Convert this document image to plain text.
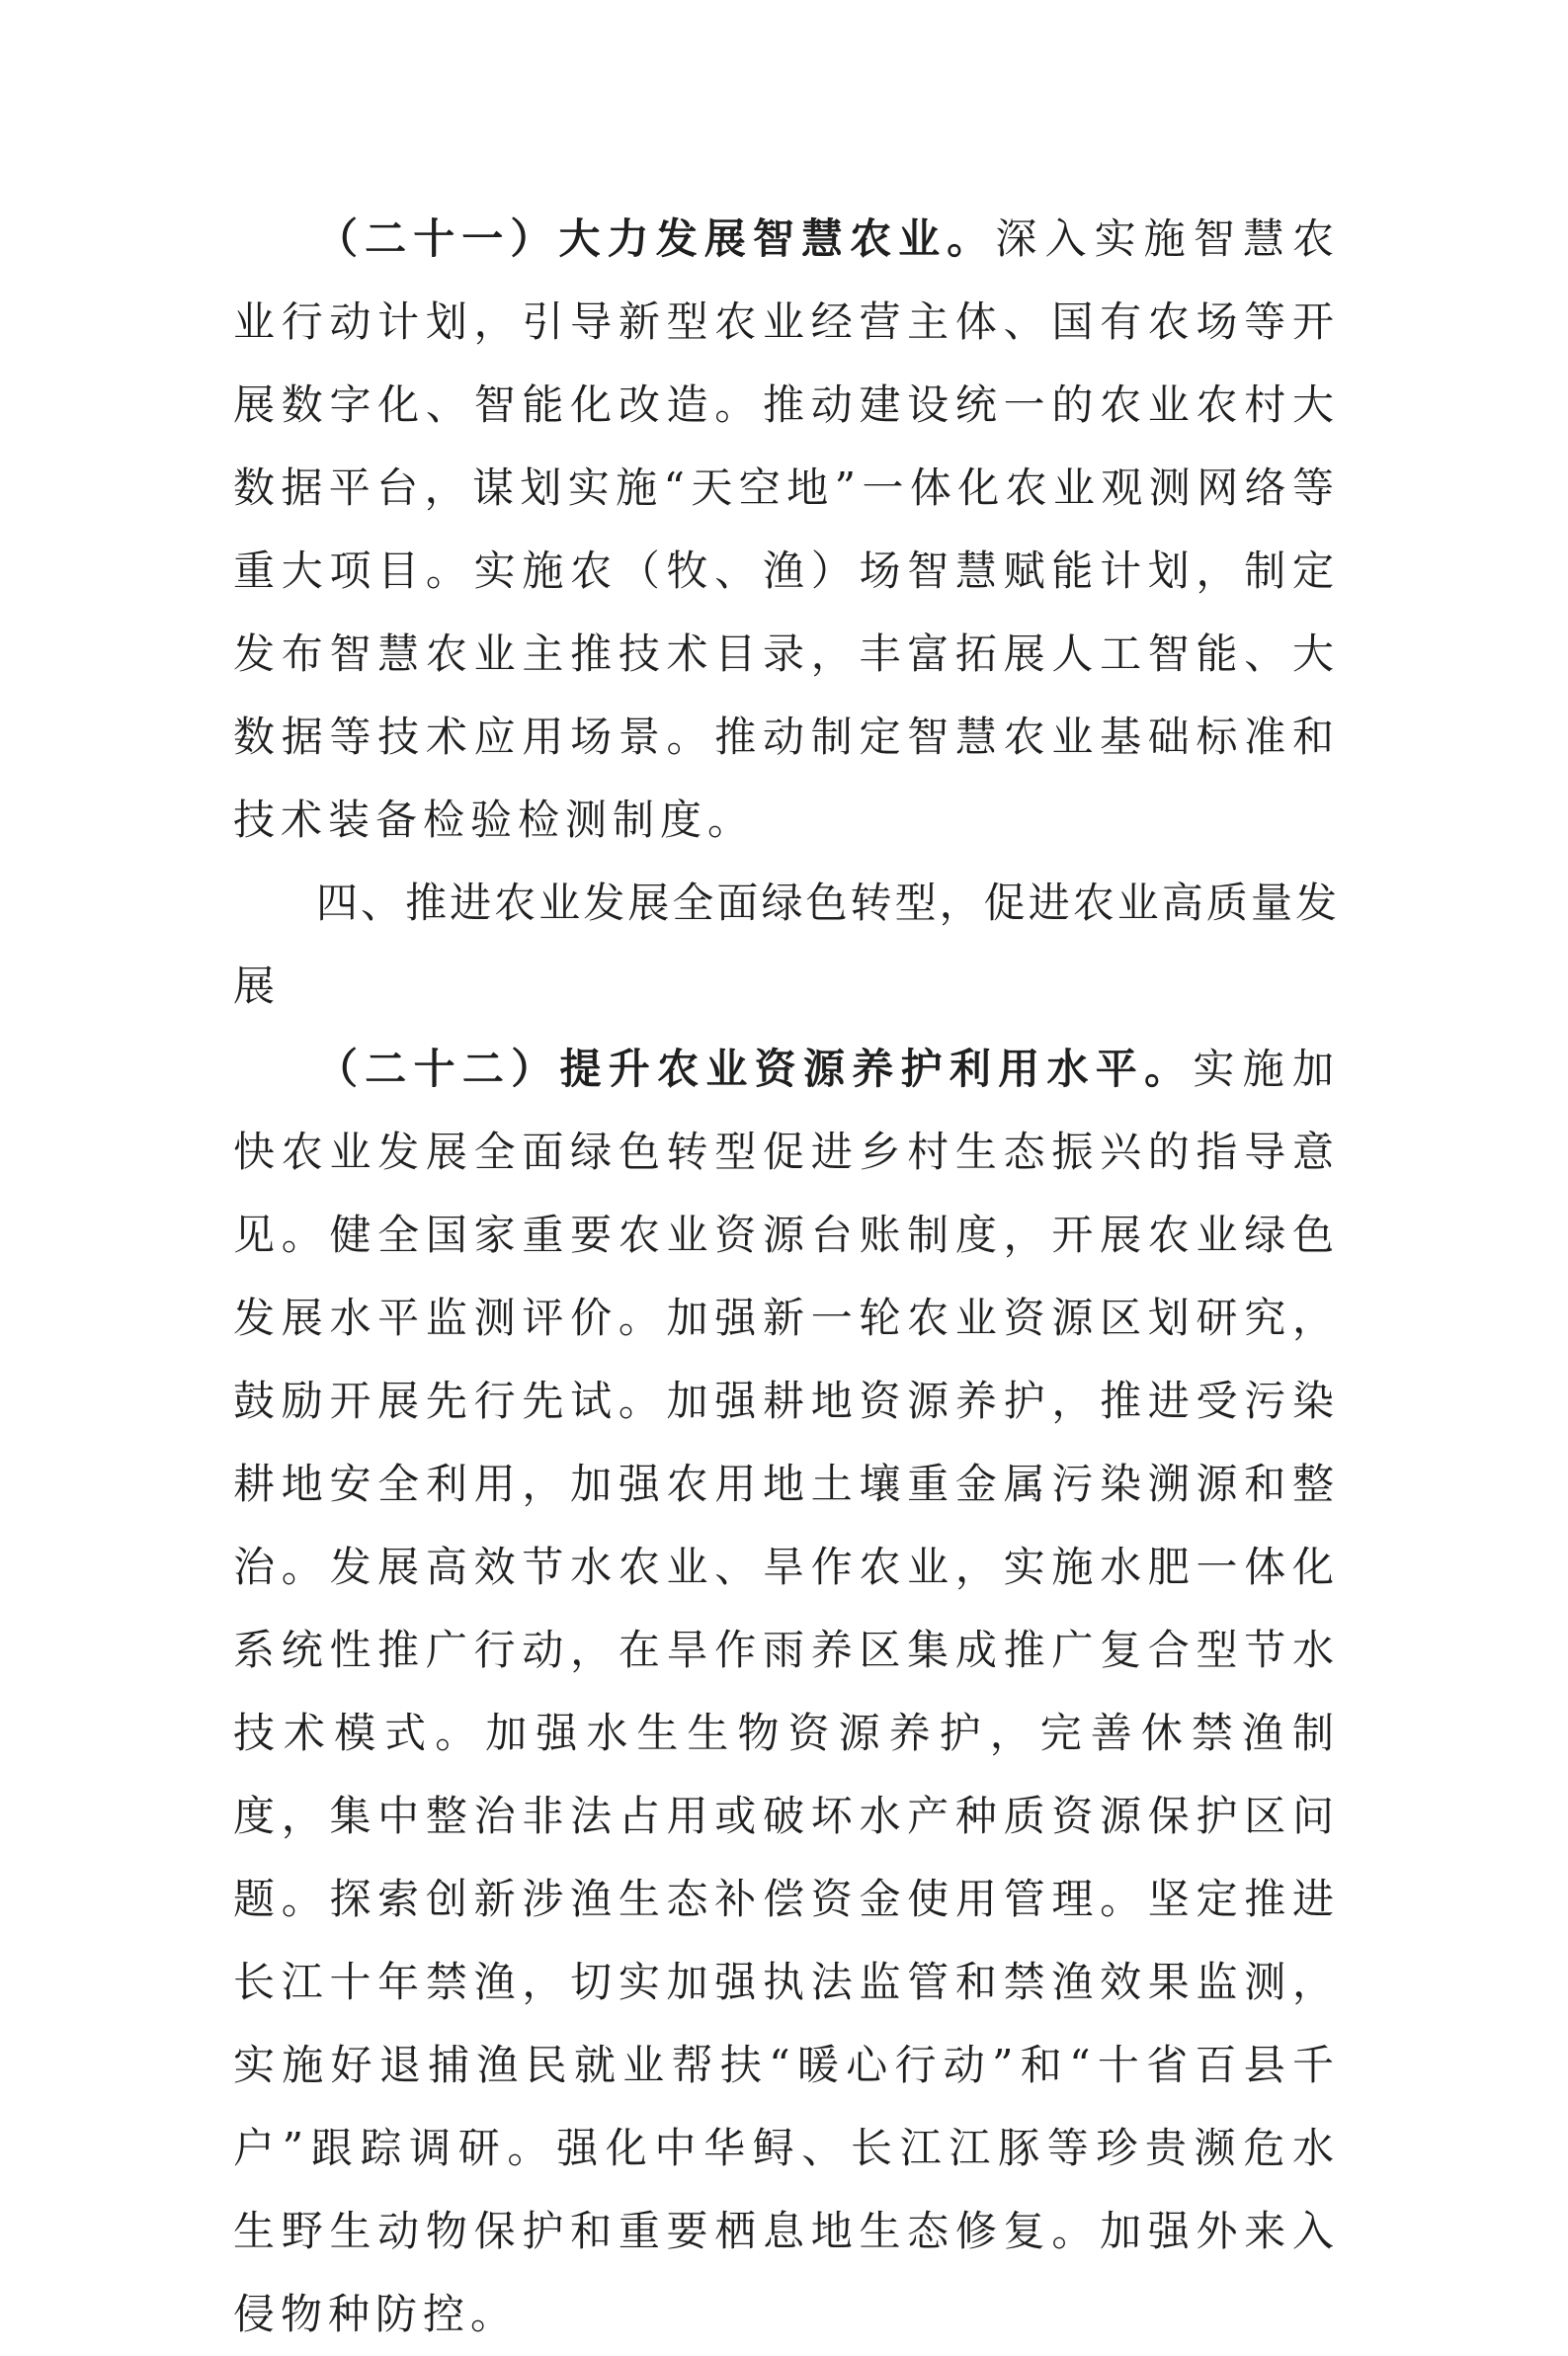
（二十一）大力发展智慧农业。深入实施智慧农业行动计划，引导新型农业经营主体、国有农场等开展数字化、智能化改造。推动建设统一的农业农村大数据平台，谋划实施“天空地”一体化农业观测网络等重大项目。实施农（牧、渔）场智慧赋能计划，制定发布智慧农业主推技术目录，丰富拓展人工智能、大数据等技术应用场景。推动制定智慧农业基础标准和技术装备检验检测制度。

四、推进农业发展全面绿色转型，促进农业高质量发展

（二十二）提升农业资源养护利用水平。实施加快农业发展全面绿色转型促进乡村生态振兴的指导意见。健全国家重要农业资源台账制度，开展农业绿色发展水平监测评价。加强新一轮农业资源区划研究，鼓励开展先行先试。加强耕地资源养护，推进受污染耕地安全利用，加强农用地土壤重金属污染溯源和整治。发展高效节水农业、旱作农业，实施水肥一体化系统性推广行动，在旱作雨养区集成推广复合型节水技术模式。加强水生生物资源养护，完善休禁渔制度，集中整治非法占用或破坏水产种质资源保护区问题。探索创新涉渔生态补偿资金使用管理。坚定推进长江十年禁渔，切实加强执法监管和禁渔效果监测，实施好退捕渔民就业帮扶“暖心行动”和“十省百县千户”跟踪调研。强化中华鲟、长江江豚等珍贵濒危水生野生动物保护和重要栖息地生态修复。加强外来入侵物种防控。
